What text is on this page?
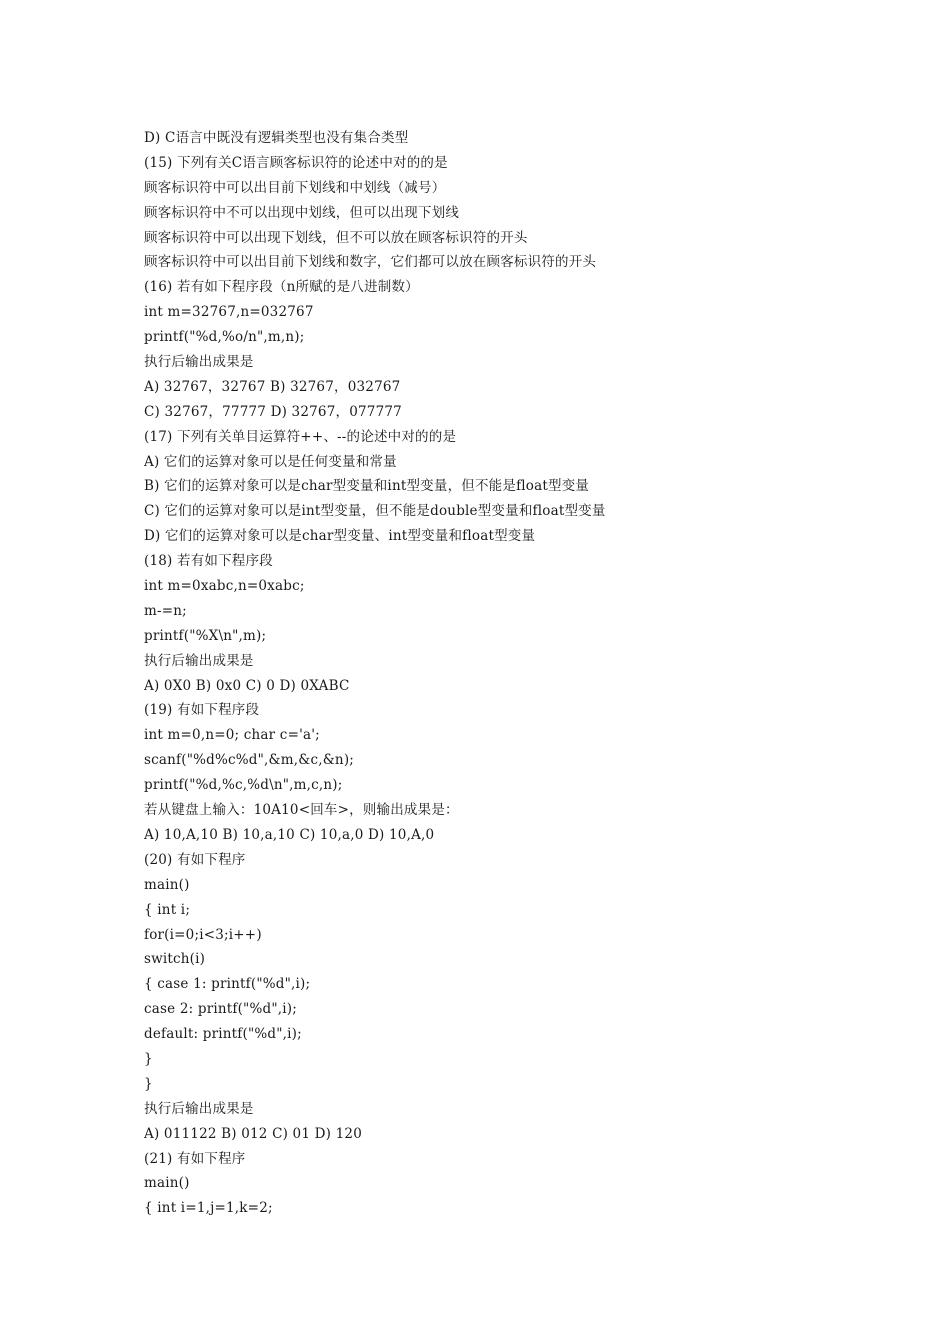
D) C语言中既没有逻辑类型也没有集合类型
(15) 下列有关C语言顾客标识符的论述中对的的是
顾客标识符中可以出目前下划线和中划线（减号）
顾客标识符中不可以出现中划线，但可以出现下划线
顾客标识符中可以出现下划线，但不可以放在顾客标识符的开头
顾客标识符中可以出目前下划线和数字，它们都可以放在顾客标识符的开头
(16) 若有如下程序段（n所赋的是八进制数）
int m=32767,n=032767
printf("%d,%o/n",m,n);
执行后输出成果是
A) 32767，32767 B) 32767，032767
C) 32767，77777 D) 32767，077777
(17) 下列有关单目运算符++、--的论述中对的的是
A) 它们的运算对象可以是任何变量和常量
B) 它们的运算对象可以是char型变量和int型变量，但不能是float型变量
C) 它们的运算对象可以是int型变量，但不能是double型变量和float型变量
D) 它们的运算对象可以是char型变量、int型变量和float型变量
(18) 若有如下程序段
int m=0xabc,n=0xabc;
m-=n;
printf("%X\n",m);
执行后输出成果是
A) 0X0 B) 0x0 C) 0 D) 0XABC
(19) 有如下程序段
int m=0,n=0; char c='a';
scanf("%d%c%d",&m,&c,&n);
printf("%d,%c,%d\n",m,c,n);
若从键盘上输入：10A10<回车>，则输出成果是：
A) 10,A,10 B) 10,a,10 C) 10,a,0 D) 10,A,0
(20) 有如下程序
main()
{ int i;
for(i=0;i<3;i++)
switch(i)
{ case 1: printf("%d",i);
case 2: printf("%d",i);
default: printf("%d",i);
}
}
执行后输出成果是
A) 011122 B) 012 C) 01 D) 120
(21) 有如下程序
main()
{ int i=1,j=1,k=2;
